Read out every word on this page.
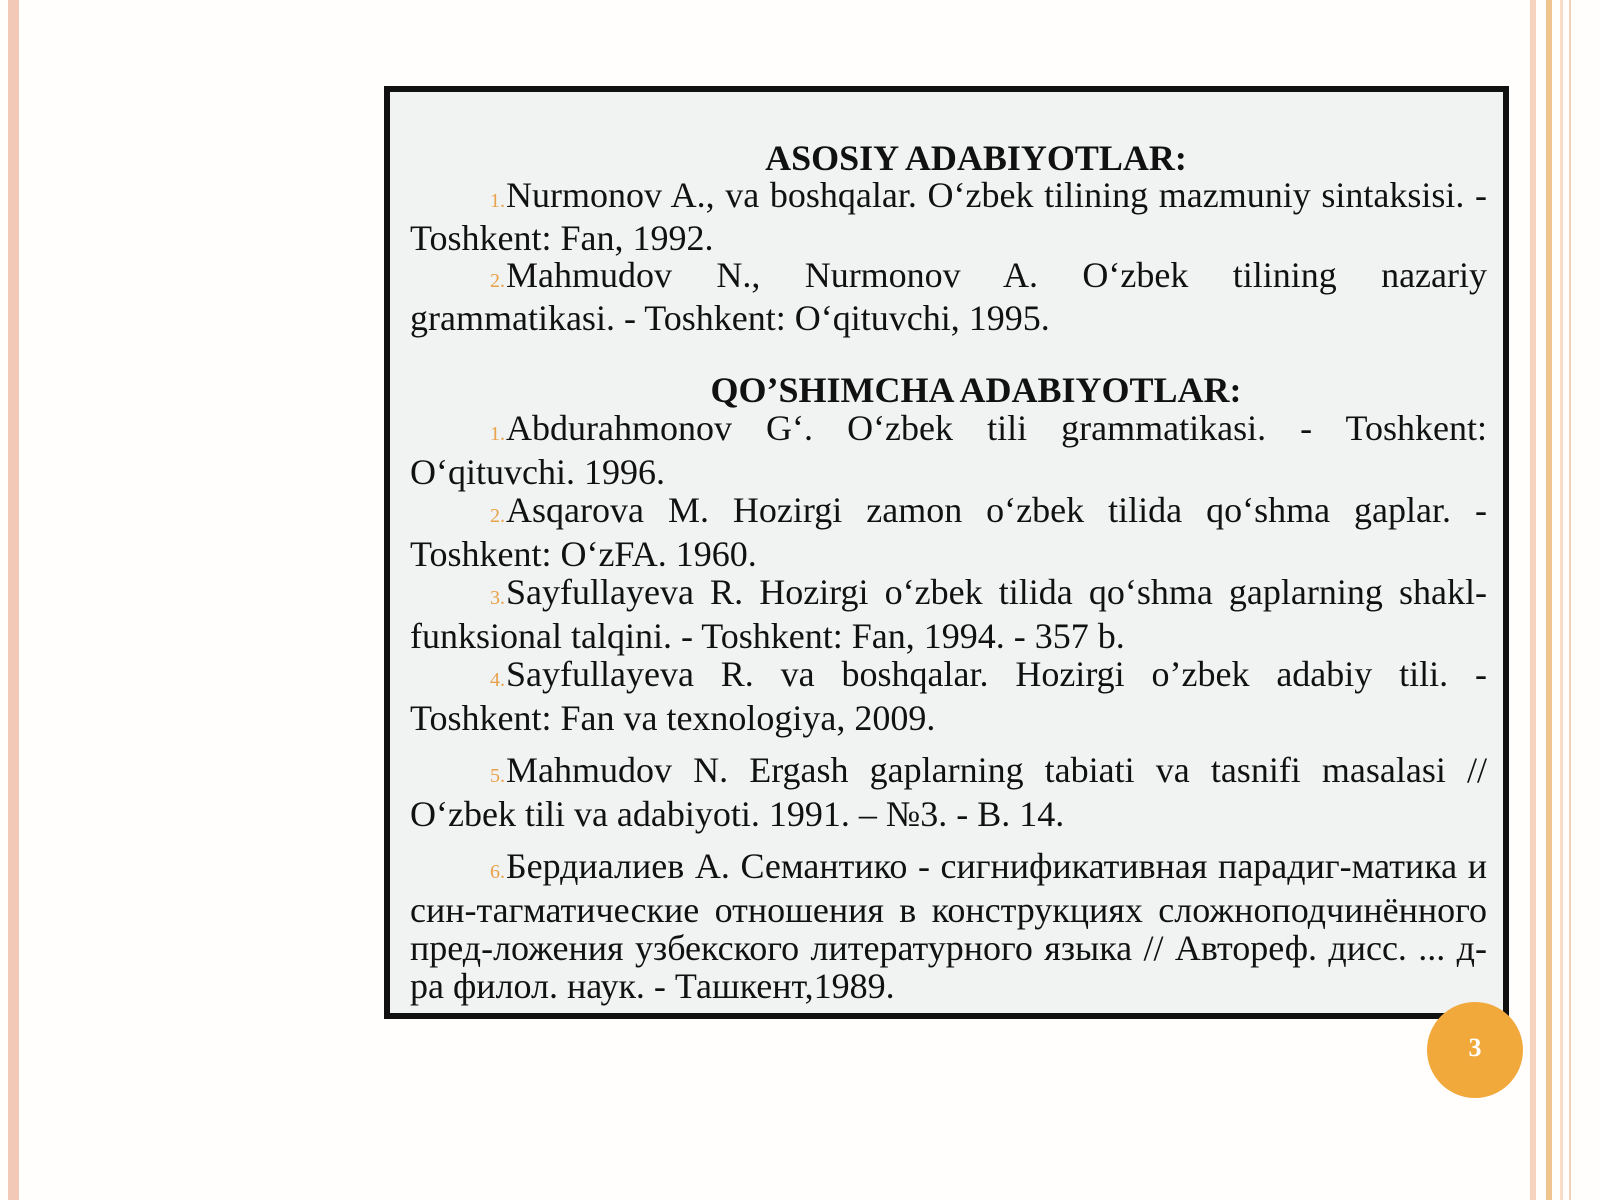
ASOSIY ADABIYOTLAR:

1.Nurmonov A., va boshqalar. O‘zbek tilining mazmuniy sintaksisi. - Toshkent: Fan, 1992.

2.Mahmudov N., Nurmonov A. O‘zbek tilining nazariy grammatikasi. - Toshkent: O‘qituvchi, 1995.

QO’SHIMCHA ADABIYOTLAR:

1.Abdurahmonov G‘. O‘zbek tili grammatikasi. - Toshkent: O‘qituvchi. 1996.

2.Asqarova M. Hozirgi zamon o‘zbek tilida qo‘shma gaplar. - Toshkent: O‘zFA. 1960.

3.Sayfullayeva R. Hozirgi o‘zbek tilida qo‘shma gaplarning shakl-funksional talqini. - Toshkent: Fan, 1994. - 357 b.

4.Sayfullayeva R. va boshqalar. Hozirgi o’zbek adabiy tili. - Toshkent: Fan va texnologiya, 2009.

5.Mahmudov N. Ergash gaplarning tabiati va tasnifi masalasi // O‘zbek tili va adabiyoti. 1991. – №3. - B. 14.

6.Бердиалиев А. Семантико - сигнификативная парадиг-матика и син-тагматические отношения в конструкциях сложноподчинённого пред-ложения узбекского литературного языка // Автореф. дисс. ... д-ра филол. наук. - Ташкент,1989.

3
